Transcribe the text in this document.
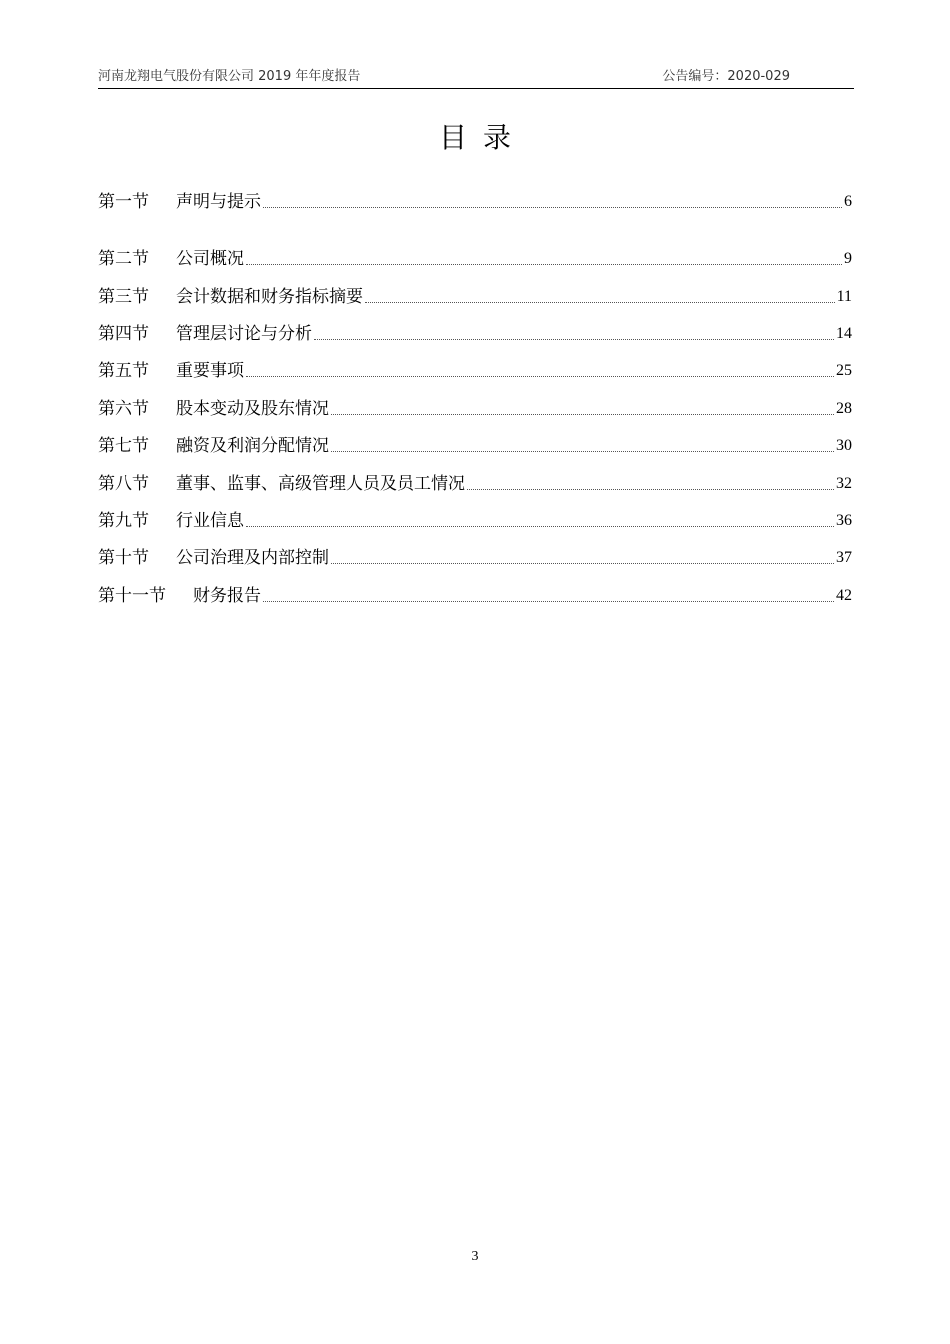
河南龙翔电气股份有限公司 2019 年年度报告	公告编号：2020-029
目录
第一节 声明与提示	6
第二节 公司概况	9
第三节 会计数据和财务指标摘要	11
第四节 管理层讨论与分析	14
第五节 重要事项	25
第六节 股本变动及股东情况	28
第七节 融资及利润分配情况	30
第八节 董事、监事、高级管理人员及员工情况	32
第九节 行业信息	36
第十节 公司治理及内部控制	37
第十一节 财务报告	42
3
